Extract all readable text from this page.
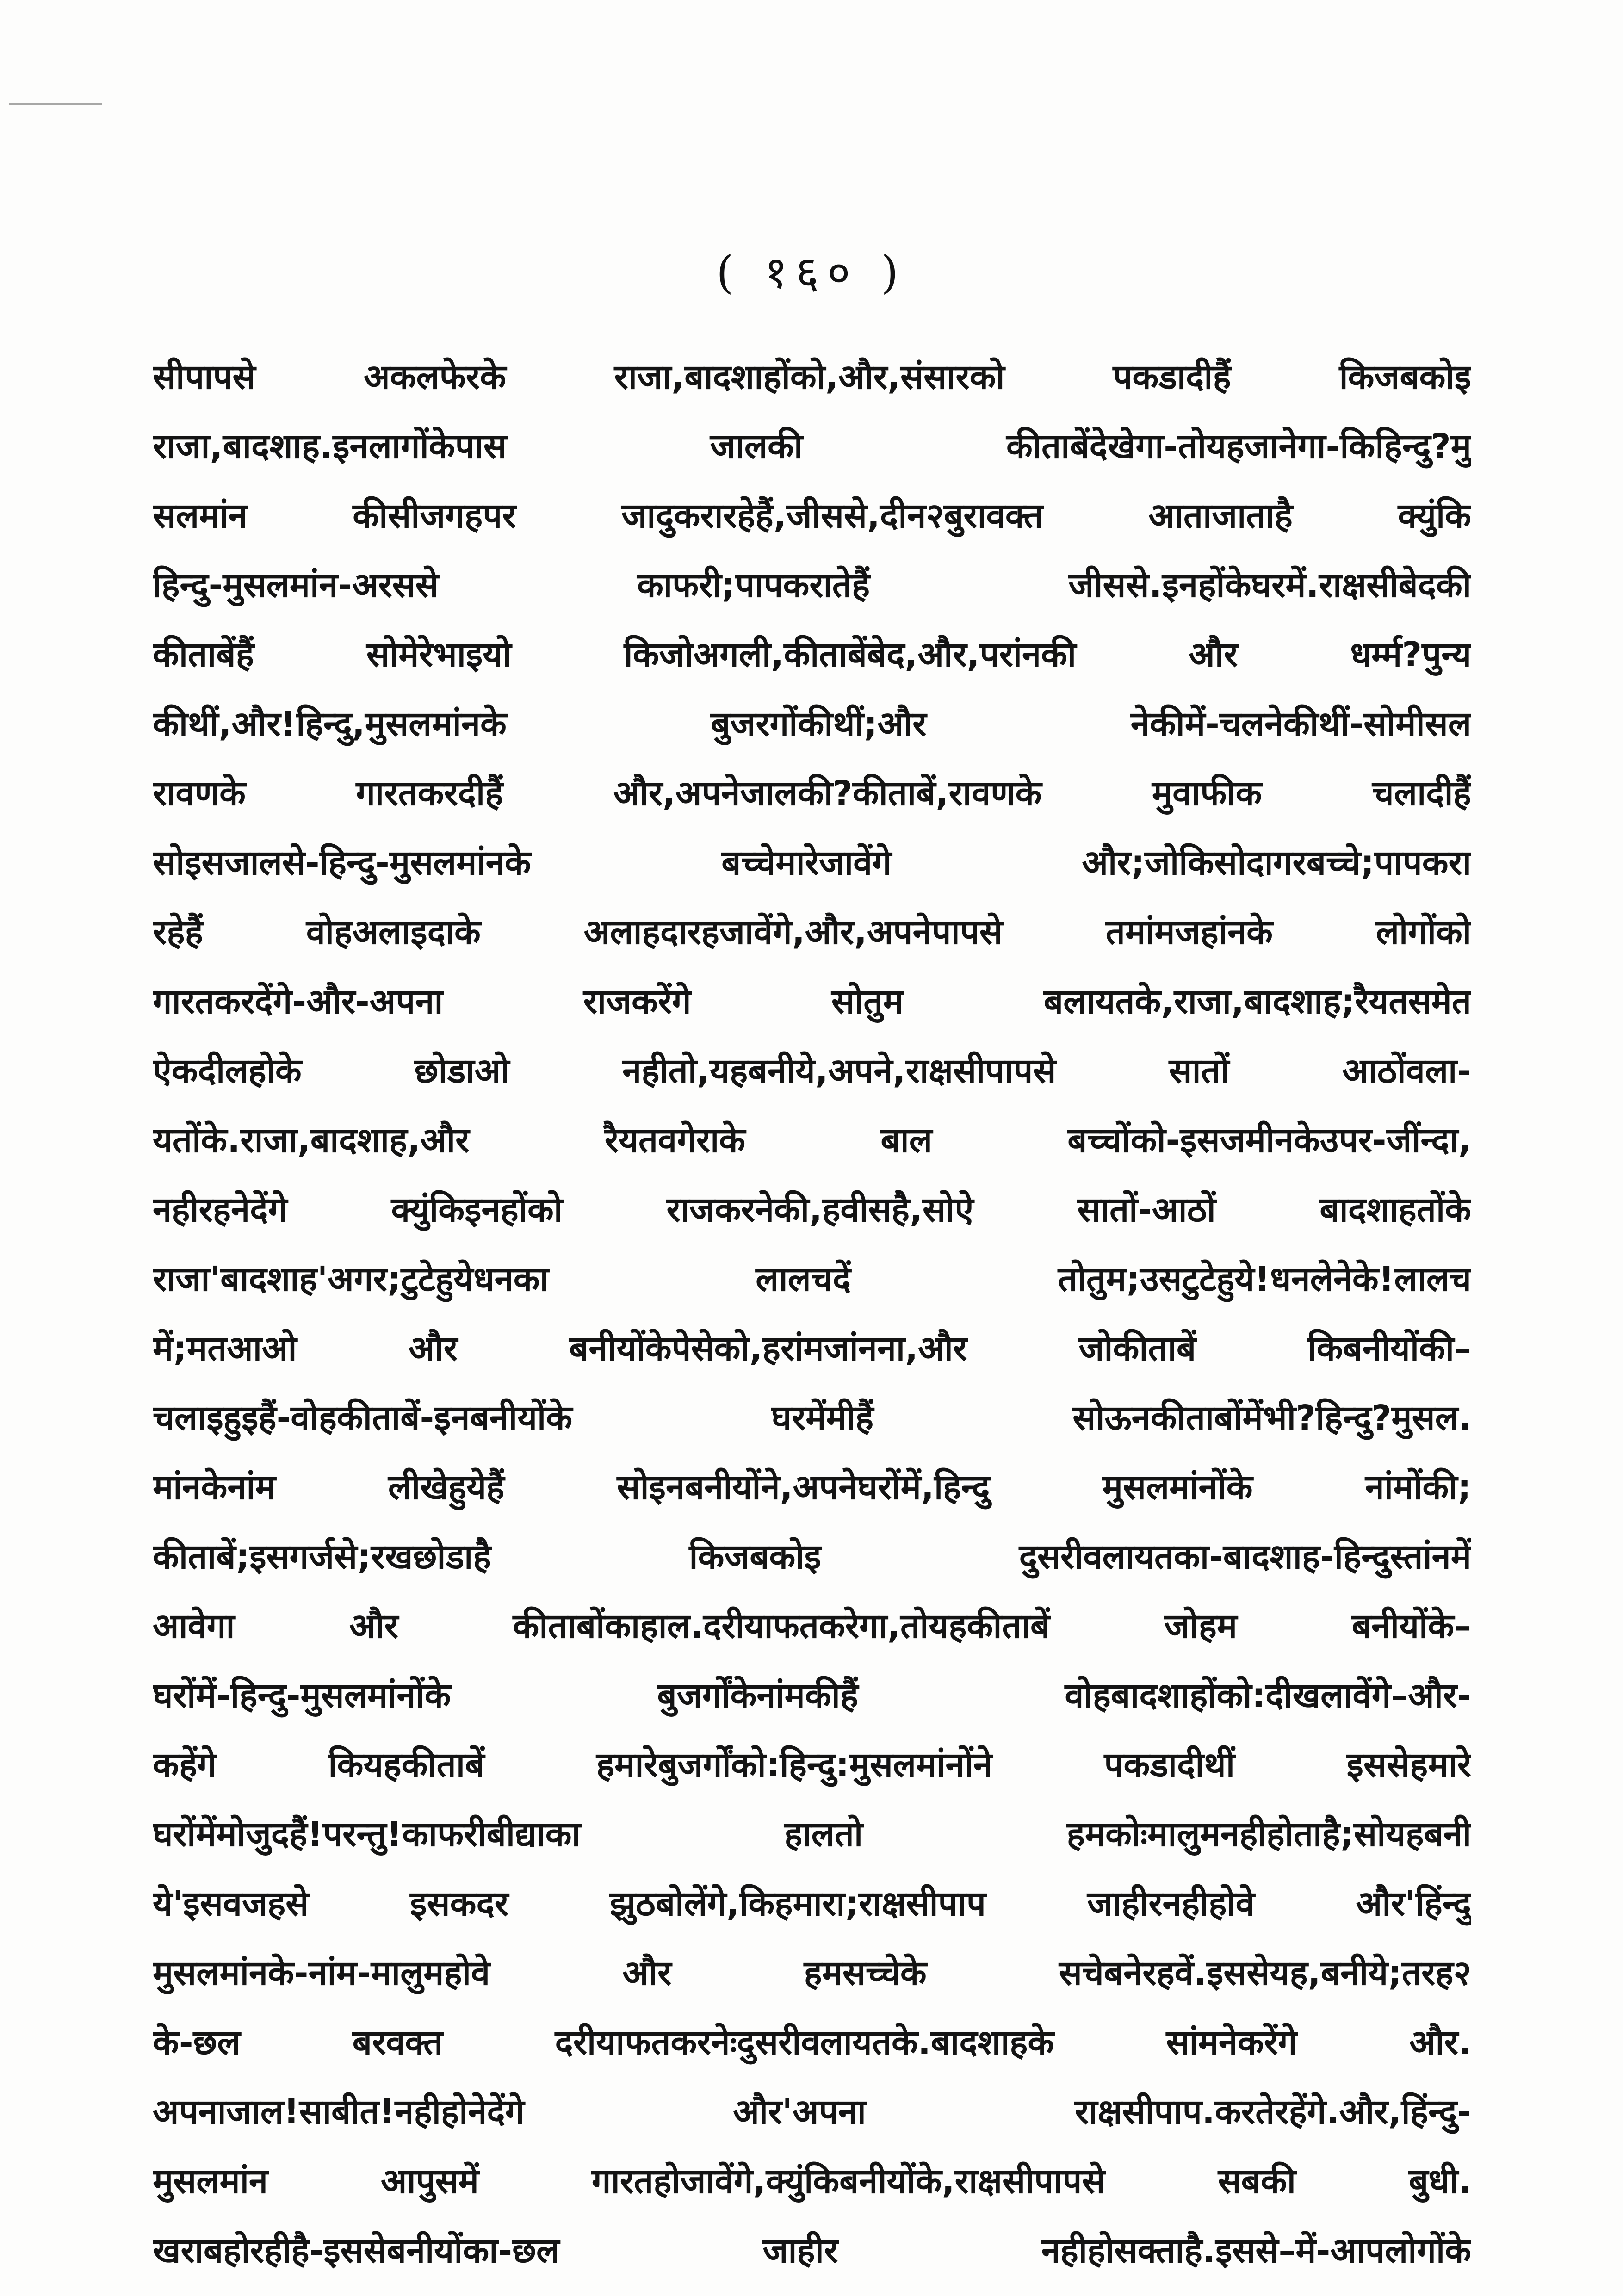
( १६० )
सीपापसे अकलफेरके राजा,बादशाहोंको,और,संसारको पकडादीहैं किजबकोइ
राजा,बादशाह.इनलागोंकेपास जालकी कीताबेंदेखेगा-तोयहजानेगा-किहिन्दु?मु
सलमांन कीसीजगहपर जादुकरारहेहैं,जीससे,दीन२बुरावक्त आताजाताहै क्युंकि
हिन्दु-मुसलमांन-अरससे काफरी;पापकरातेहैं जीससे.इनहोंकेघरमें.राक्षसीबेदकी
कीताबेंहैं सोमेरेभाइयो किजोअगली,कीताबेंबेद,और,परांनकी और धर्म्म?पुन्य
कीथीं,और!हिन्दु,मुसलमांनके बुजरगोंकीथीं;और नेकीमें-चलनेकीथीं-सोमीसल
रावणके गारतकरदीहैं और,अपनेजालकी?कीताबें,रावणके मुवाफीक चलादीहैं
सोइसजालसे-हिन्दु-मुसलमांनके बच्चेमारेजावेंगे और;जोकिसोदागरबच्चे;पापकरा
रहेहैं वोहअलाइदाके अलाहदारहजावेंगे,और,अपनेपापसे तमांमजहांनके लोगोंको
गारतकरदेंगे-और-अपना राजकरेंगे सोतुम बलायतके,राजा,बादशाह;रैयतसमेत
ऐकदीलहोके छोडाओ नहीतो,यहबनीये,अपने,राक्षसीपापसे सातों आठोंवला-
यतोंके.राजा,बादशाह,और रैयतवगेराके बाल बच्चोंको-इसजमीनकेउपर-जींन्दा,
नहीरहनेदेंगे क्युंकिइनहोंको राजकरनेकी,हवीसहै,सोऐ सातों-आठों बादशाहतोंके
राजा'बादशाह'अगर;टुटेहुयेधनका लालचदें तोतुम;उसटुटेहुये!धनलेनेके!लालच
में;मतआओ और बनीयोंकेपेसेको,हरांमजांनना,और जोकीताबें किबनीयोंकी–
चलाइहुइहैं-वोहकीताबें-इनबनीयोंके घरमेंमीहैं सोऊनकीताबोंमेंभी?हिन्दु?मुसल.
मांनकेनांम लीखेहुयेहैं सोइनबनीयोंने,अपनेघरोंमें,हिन्दु मुसलमांनोंके नांमोंकी;
कीताबें;इसगर्जसे;रखछोडाहै किजबकोइ दुसरीवलायतका-बादशाह-हिन्दुस्तांनमें
आवेगा और कीताबोंकाहाल.दरीयाफतकरेगा,तोयहकीताबें जोहम बनीयोंके–
घरोंमें-हिन्दु-मुसलमांनोंके बुजर्गोंकेनांमकीहैं वोहबादशाहोंको:दीखलावेंगे–और-
कहेंगे कियहकीताबें हमारेबुजर्गोंको:हिन्दु:मुसलमांनोंने पकडादीथीं इससेहमारे
घरोंमेंमोजुदहैं!परन्तु!काफरीबीद्याका हालतो हमकोःमालुमनहीहोताहै;सोयहबनी
ये'इसवजहसे इसकदर झुठबोलेंगे,किहमारा;राक्षसीपाप जाहीरनहीहोवे और'हिंन्दु
मुसलमांनके-नांम-मालुमहोवे और हमसच्चेके सचेबनेरहवें.इससेयह,बनीये;तरह२
के-छल बरवक्त दरीयाफतकरनेःदुसरीवलायतके.बादशाहके सांमनेकरेंगे और.
अपनाजाल!साबीत!नहीहोनेदेंगे और'अपना राक्षसीपाप.करतेरहेंगे.और,हिंन्दु-
मुसलमांन आपुसमें गारतहोजावेंगे,क्युंकिबनीयोंके,राक्षसीपापसे सबकी बुधी.
खराबहोरहीहै-इससेबनीयोंका-छल जाहीर नहीहोसक्ताहै.इससे–में-आपलोगोंके
